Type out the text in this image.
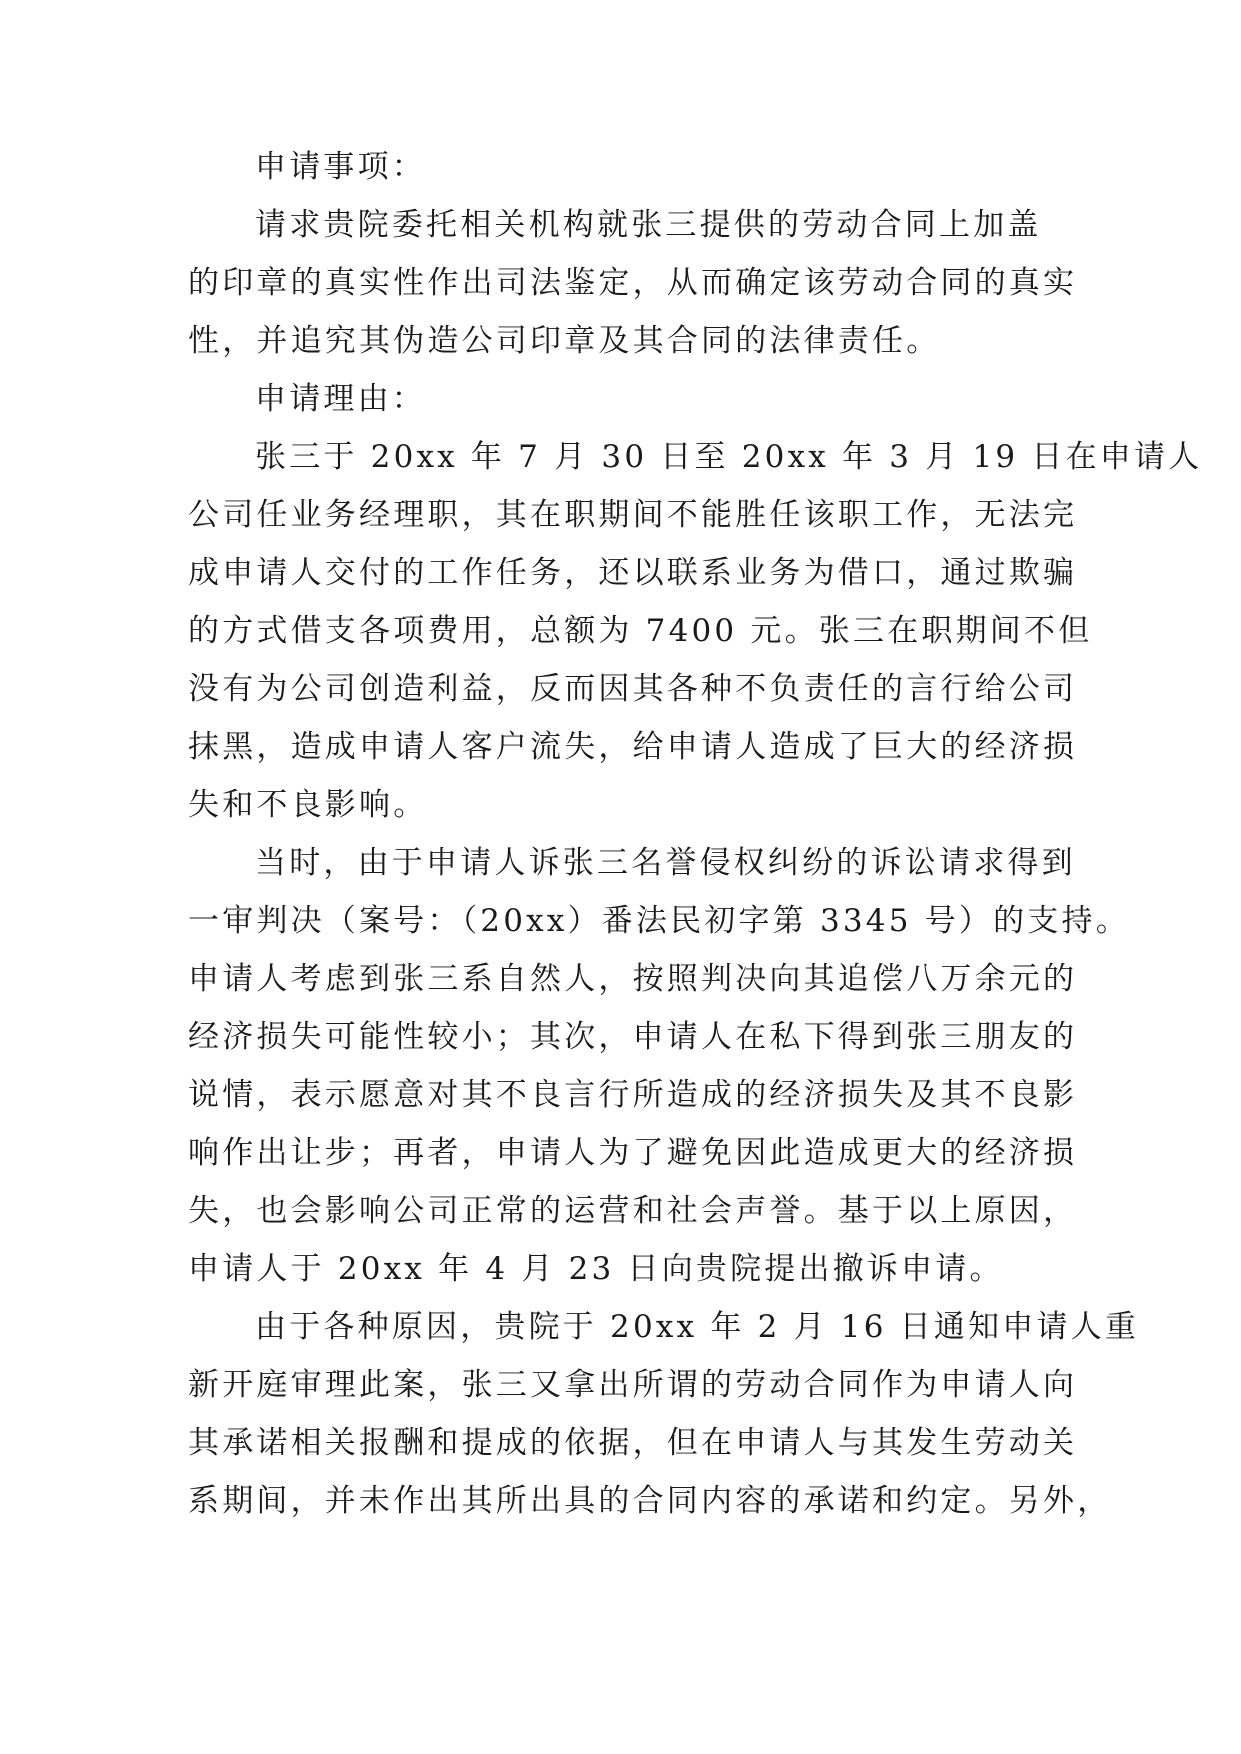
申请事项：
请求贵院委托相关机构就张三提供的劳动合同上加盖
的印章的真实性作出司法鉴定，从而确定该劳动合同的真实
性，并追究其伪造公司印章及其合同的法律责任。
申请理由：
张三于 20xx 年 7 月 30 日至 20xx 年 3 月 19 日在申请人
公司任业务经理职，其在职期间不能胜任该职工作，无法完
成申请人交付的工作任务，还以联系业务为借口，通过欺骗
的方式借支各项费用，总额为 7400 元。张三在职期间不但
没有为公司创造利益，反而因其各种不负责任的言行给公司
抹黑，造成申请人客户流失，给申请人造成了巨大的经济损
失和不良影响。
当时，由于申请人诉张三名誉侵权纠纷的诉讼请求得到
一审判决（案号：（20xx）番法民初字第 3345 号）的支持。
申请人考虑到张三系自然人，按照判决向其追偿八万余元的
经济损失可能性较小；其次，申请人在私下得到张三朋友的
说情，表示愿意对其不良言行所造成的经济损失及其不良影
响作出让步；再者，申请人为了避免因此造成更大的经济损
失，也会影响公司正常的运营和社会声誉。基于以上原因，
申请人于 20xx 年 4 月 23 日向贵院提出撤诉申请。
由于各种原因，贵院于 20xx 年 2 月 16 日通知申请人重
新开庭审理此案，张三又拿出所谓的劳动合同作为申请人向
其承诺相关报酬和提成的依据，但在申请人与其发生劳动关
系期间，并未作出其所出具的合同内容的承诺和约定。另外，
